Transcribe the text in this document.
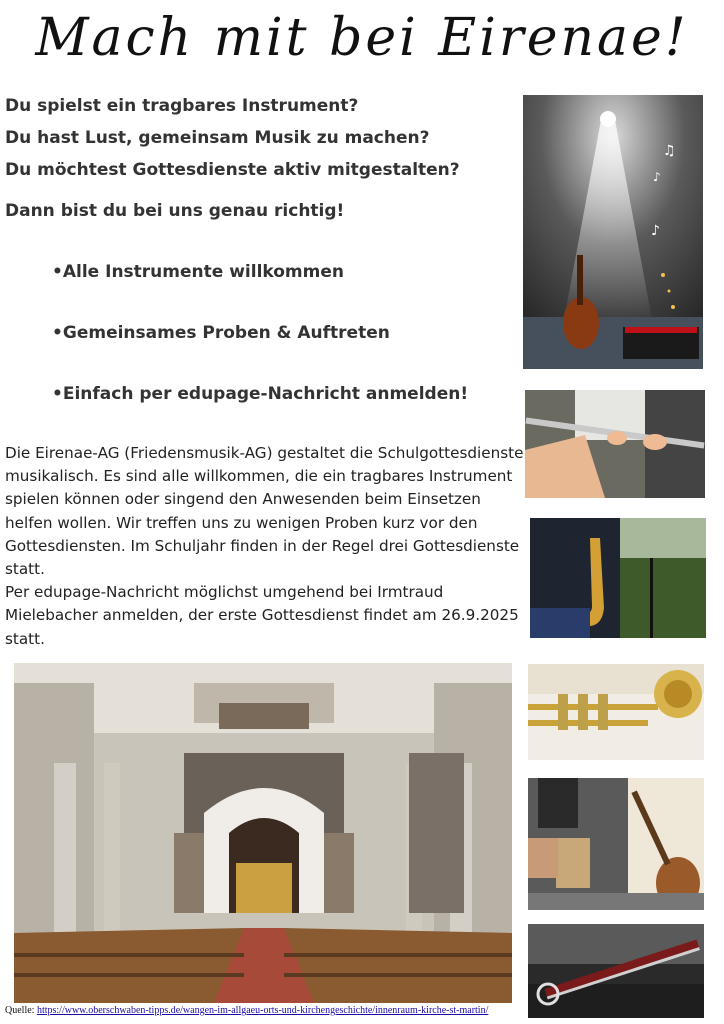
Mach mit bei Eirenae!
Du spielst ein tragbares Instrument?
Du hast Lust, gemeinsam Musik zu machen?
Du möchtest Gottesdienste aktiv mitgestalten?
Dann bist du bei uns genau richtig!
•Alle Instrumente willkommen
•Gemeinsames Proben & Auftreten
•Einfach per edupage-Nachricht anmelden!

Die Eirenae-AG (Friedensmusik-AG) gestaltet die Schulgottesdienste musikalisch. Es sind alle willkommen, die ein tragbares Instrument spielen können oder singend den Anwesenden beim Einsetzen helfen wollen. Wir treffen uns zu wenigen Proben kurz vor den Gottesdiensten. Im Schuljahr finden in der Regel drei Gottesdienste statt.

Per edupage-Nachricht möglichst umgehend bei Irmtraud Mielebacher anmelden, der erste Gottesdienst findet am 26.9.2025 statt.

♫
♪
♪
Quelle: https://www.oberschwaben-tipps.de/wangen-im-allgaeu-orts-und-kirchengeschichte/innenraum-kirche-st-martin/
